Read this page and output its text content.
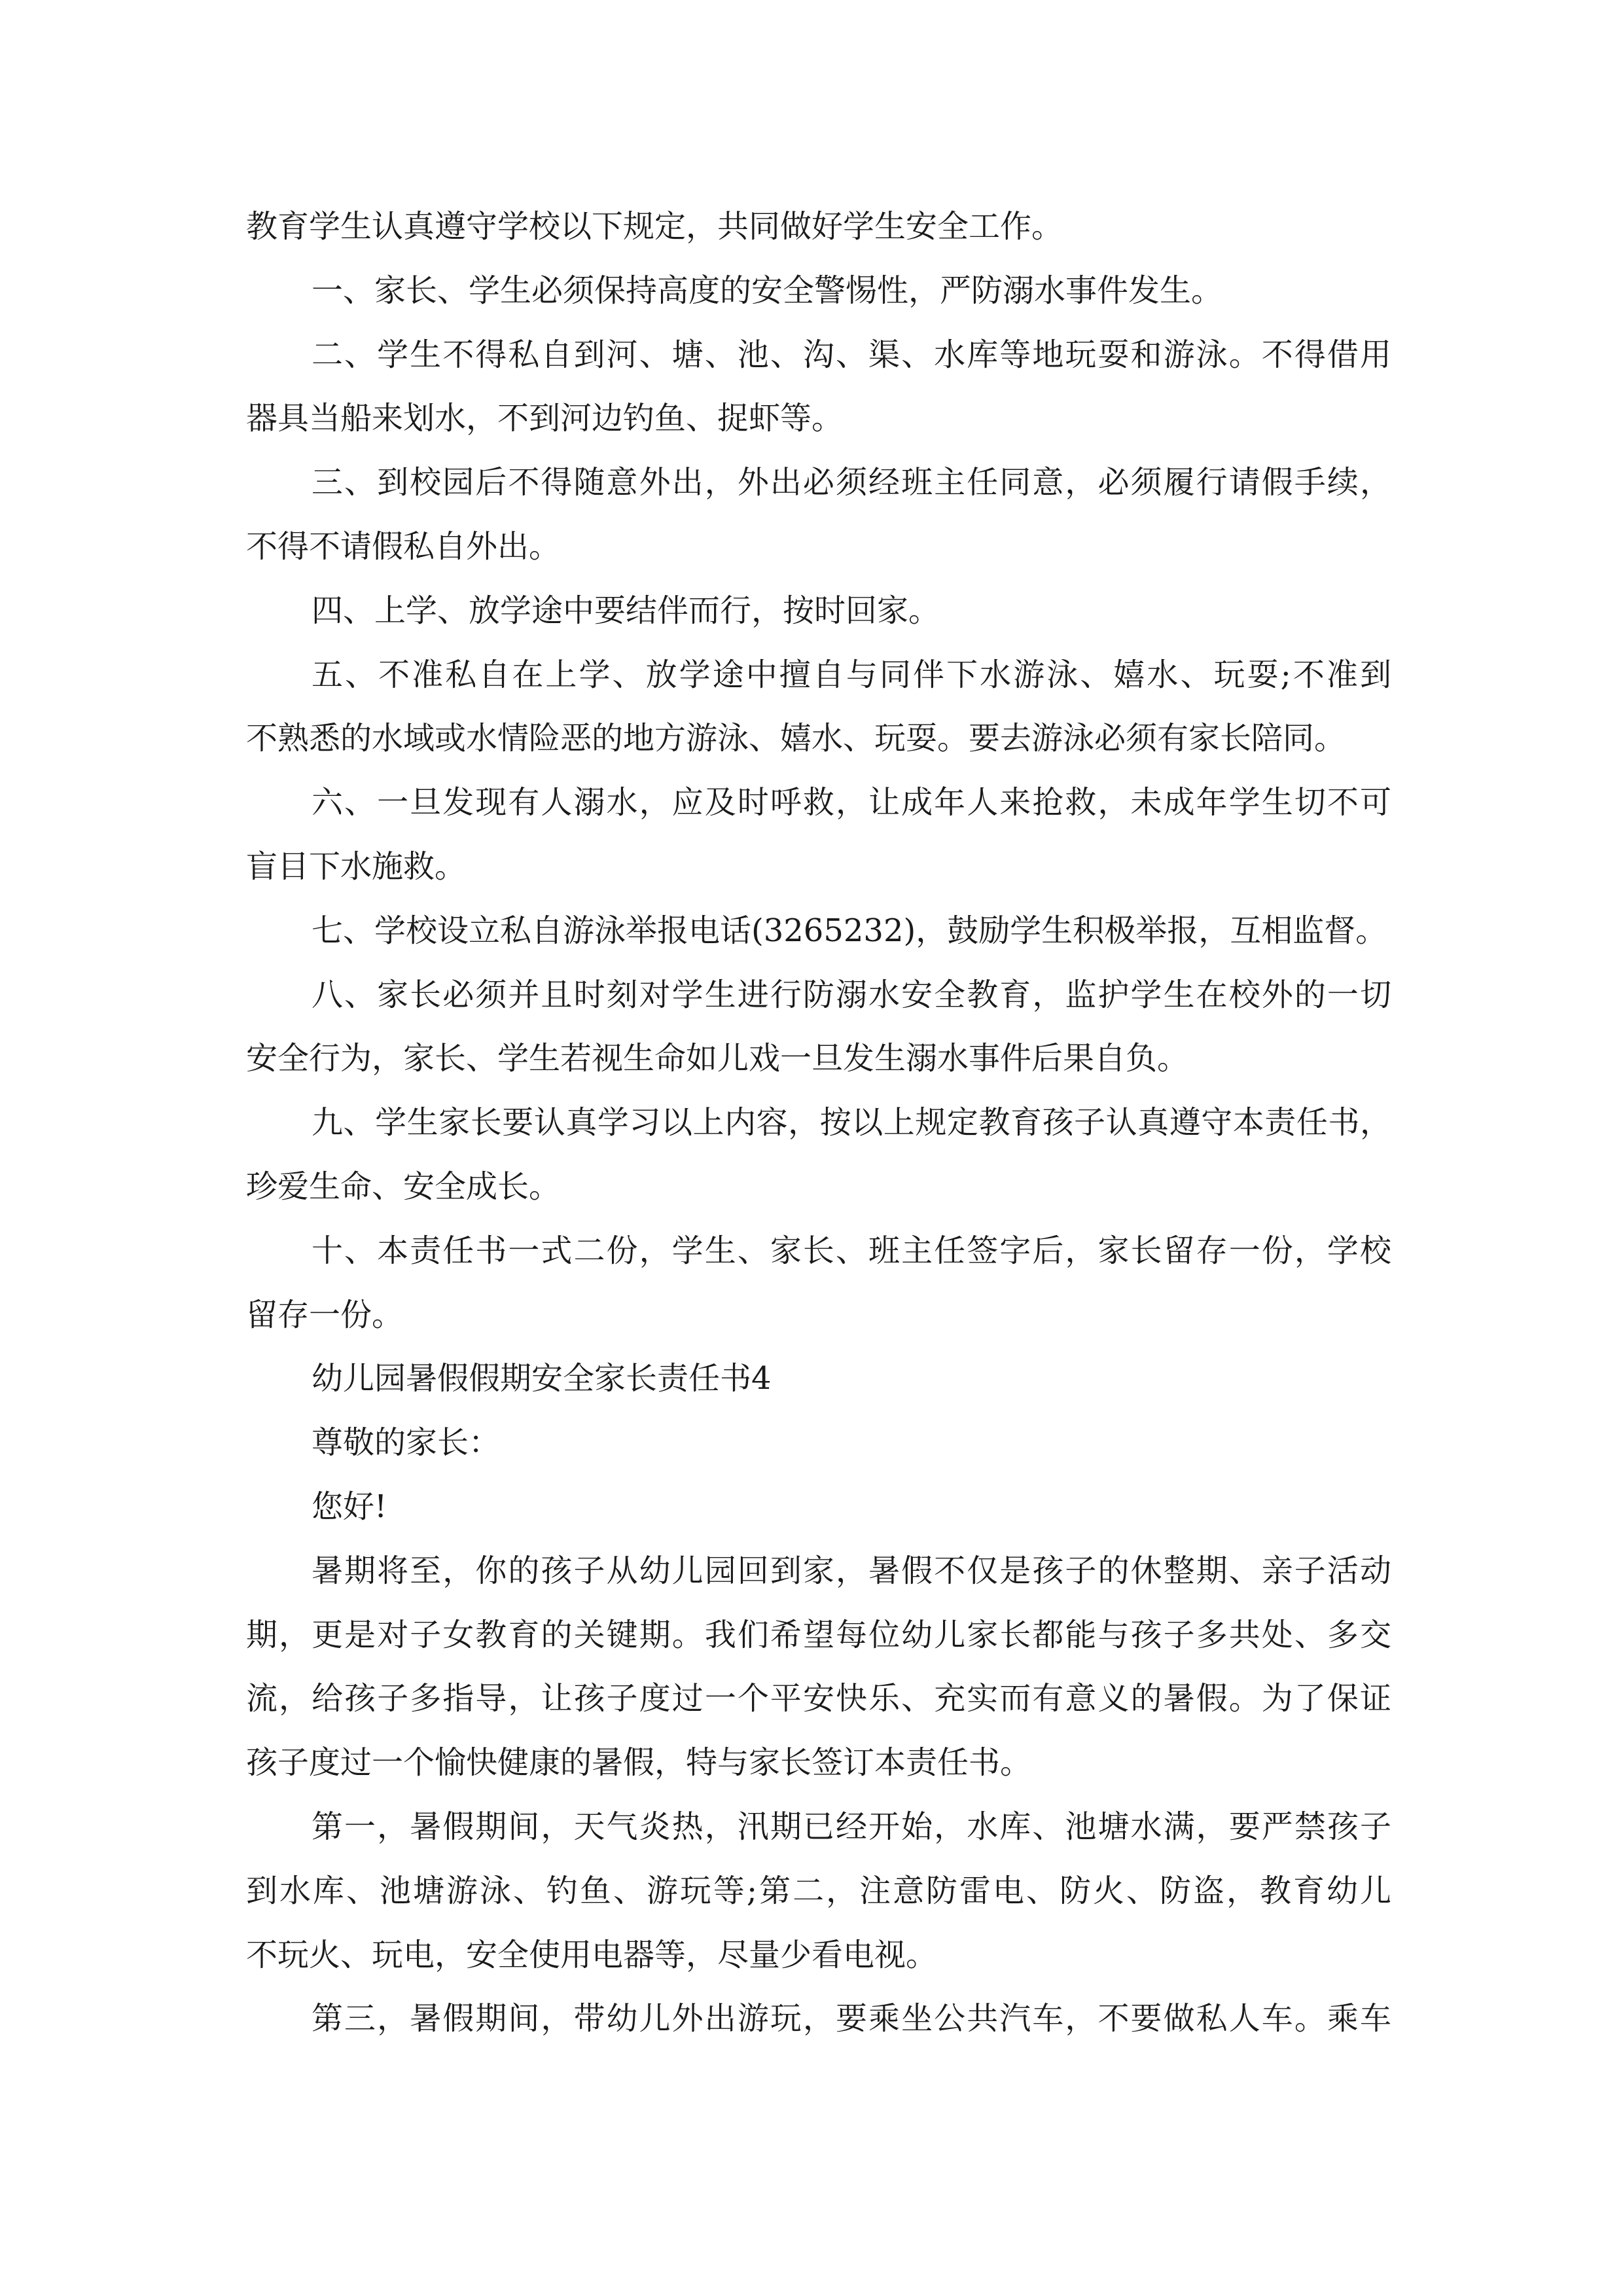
教育学生认真遵守学校以下规定，共同做好学生安全工作。
一、家长、学生必须保持高度的安全警惕性，严防溺水事件发生。
二、学生不得私自到河、塘、池、沟、渠、水库等地玩耍和游泳。不得借用
器具当船来划水，不到河边钓鱼、捉虾等。
三、到校园后不得随意外出，外出必须经班主任同意，必须履行请假手续，
不得不请假私自外出。
四、上学、放学途中要结伴而行，按时回家。
五、不准私自在上学、放学途中擅自与同伴下水游泳、嬉水、玩耍;不准到
不熟悉的水域或水情险恶的地方游泳、嬉水、玩耍。要去游泳必须有家长陪同。
六、一旦发现有人溺水，应及时呼救，让成年人来抢救，未成年学生切不可
盲目下水施救。
七、学校设立私自游泳举报电话(3265232)，鼓励学生积极举报，互相监督。
八、家长必须并且时刻对学生进行防溺水安全教育，监护学生在校外的一切
安全行为，家长、学生若视生命如儿戏一旦发生溺水事件后果自负。
九、学生家长要认真学习以上内容，按以上规定教育孩子认真遵守本责任书，
珍爱生命、安全成长。
十、本责任书一式二份，学生、家长、班主任签字后，家长留存一份，学校
留存一份。
幼儿园暑假假期安全家长责任书4
尊敬的家长：
您好!
暑期将至，你的孩子从幼儿园回到家，暑假不仅是孩子的休整期、亲子活动
期，更是对子女教育的关键期。我们希望每位幼儿家长都能与孩子多共处、多交
流，给孩子多指导，让孩子度过一个平安快乐、充实而有意义的暑假。为了保证
孩子度过一个愉快健康的暑假，特与家长签订本责任书。
第一，暑假期间，天气炎热，汛期已经开始，水库、池塘水满，要严禁孩子
到水库、池塘游泳、钓鱼、游玩等;第二，注意防雷电、防火、防盗，教育幼儿
不玩火、玩电，安全使用电器等，尽量少看电视。
第三，暑假期间，带幼儿外出游玩，要乘坐公共汽车，不要做私人车。乘车
